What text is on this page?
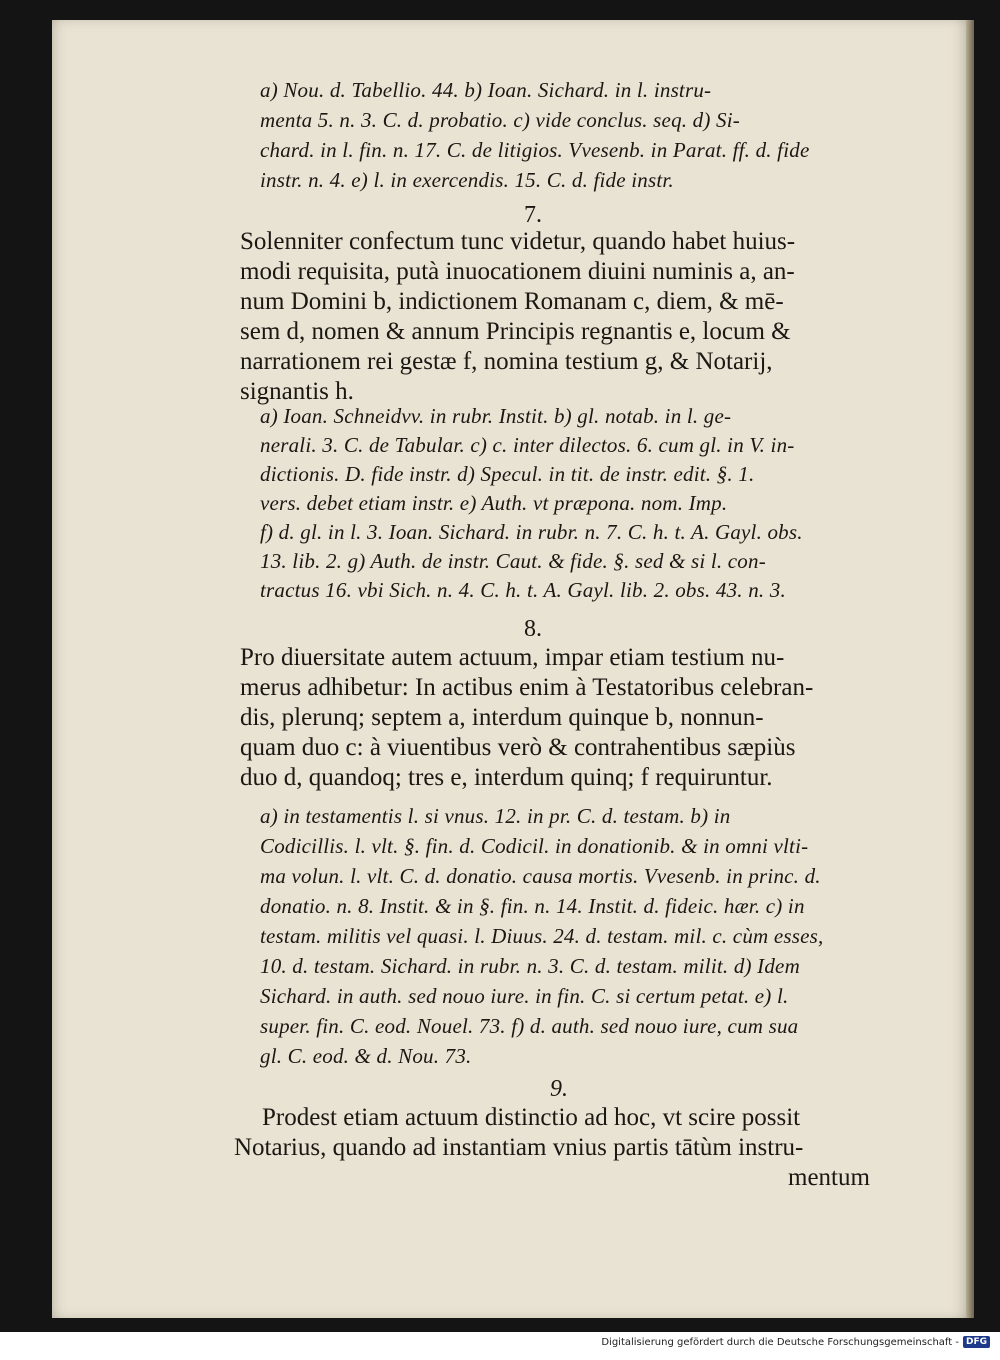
a) Nou. d. Tabellio. 44. b) Ioan. Sichard. in l. instru-
menta 5. n. 3. C. d. probatio. c) vide conclus. seq. d) Si-
chard. in l. fin. n. 17. C. de litigios. Vvesenb. in Parat. ff. d. fide
instr. n. 4. e) l. in exercendis. 15. C. d. fide instr.
7.
Solenniter confectum tunc videtur, quando habet huius-
modi requisita, putà inuocationem diuini numinis a, an-
num Domini b, indictionem Romanam c, diem, & mē-
sem d, nomen & annum Principis regnantis e, locum &
narrationem rei gestæ f, nomina testium g, & Notarij,
signantis h.
a) Ioan. Schneidvv. in rubr. Instit. b) gl. notab. in l. ge-
nerali. 3. C. de Tabular. c) c. inter dilectos. 6. cum gl. in V. in-
dictionis. D. fide instr. d) Specul. in tit. de instr. edit. §. 1.
vers. debet etiam instr. e) Auth. vt præpona. nom. Imp.
f) d. gl. in l. 3. Ioan. Sichard. in rubr. n. 7. C. h. t. A. Gayl. obs.
13. lib. 2. g) Auth. de instr. Caut. & fide. §. sed & si l. con-
tractus 16. vbi Sich. n. 4. C. h. t. A. Gayl. lib. 2. obs. 43. n. 3.
8.
Pro diuersitate autem actuum, impar etiam testium nu-
merus adhibetur: In actibus enim à Testatoribus celebran-
dis, plerunq; septem a, interdum quinque b, nonnun-
quam duo c: à viuentibus verò & contrahentibus sæpiùs
duo d, quandoq; tres e, interdum quinq; f requiruntur.
a) in testamentis l. si vnus. 12. in pr. C. d. testam. b) in
Codicillis. l. vlt. §. fin. d. Codicil. in donationib. & in omni vlti-
ma volun. l. vlt. C. d. donatio. causa mortis. Vvesenb. in princ. d.
donatio. n. 8. Instit. & in §. fin. n. 14. Instit. d. fideic. hær. c) in
testam. militis vel quasi. l. Diuus. 24. d. testam. mil. c. cùm esses,
10. d. testam. Sichard. in rubr. n. 3. C. d. testam. milit. d) Idem
Sichard. in auth. sed nouo iure. in fin. C. si certum petat. e) l.
super. fin. C. eod. Nouel. 73. f) d. auth. sed nouo iure, cum sua
gl. C. eod. & d. Nou. 73.
9.
Prodest etiam actuum distinctio ad hoc, vt scire possit
Notarius, quando ad instantiam vnius partis tātùm instru-
mentum
Digitalisierung gefördert durch die Deutsche Forschungsgemeinschaft - DFG
